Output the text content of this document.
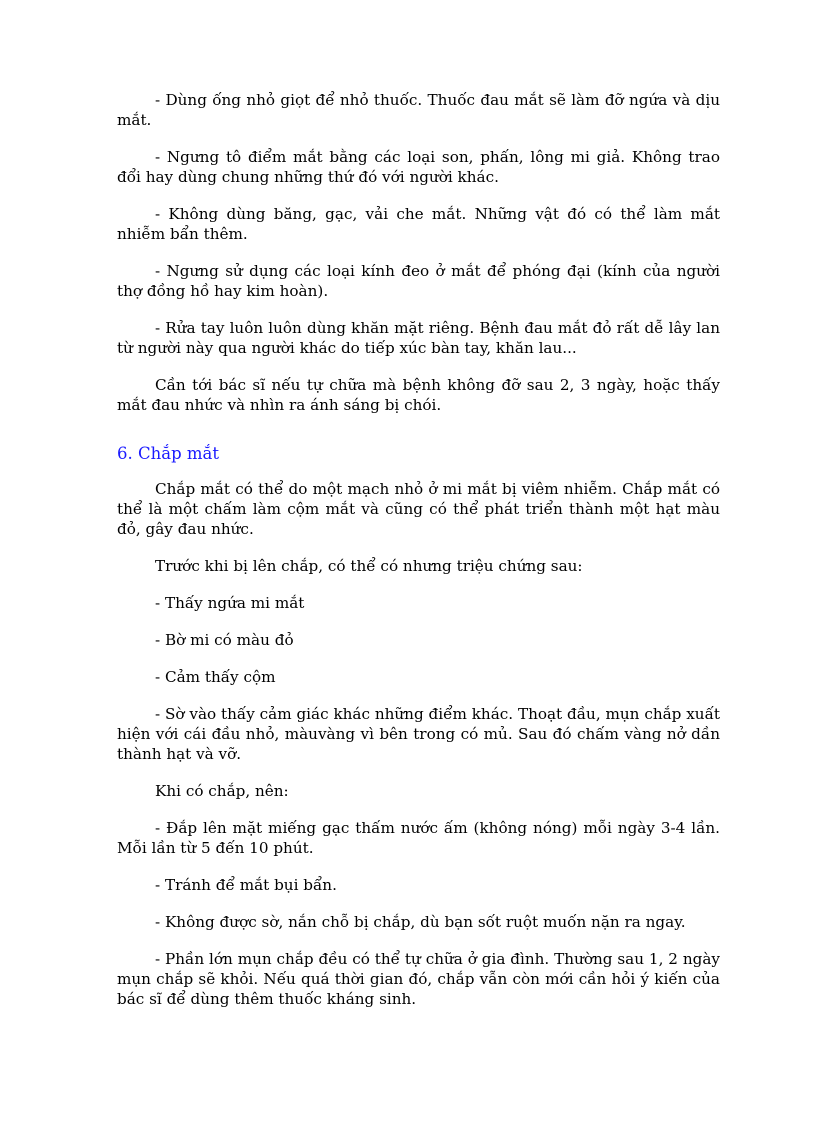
- Dùng ống nhỏ giọt để nhỏ thuốc. Thuốc đau mắt sẽ làm đỡ ngứa và dịu mắt.

- Ngưng tô điểm mắt bằng các loại son, phấn, lông mi giả. Không trao đổi hay dùng chung những thứ đó với người khác.

- Không dùng băng, gạc, vải che mắt. Những vật đó có thể làm mắt nhiễm bẩn thêm.

- Ngưng sử dụng các loại kính đeo ở mắt để phóng đại (kính của người thợ đồng hồ hay kim hoàn).

- Rửa tay luôn luôn dùng khăn mặt riêng. Bệnh đau mắt đỏ rất dễ lây lan từ người này qua người khác do tiếp xúc bàn tay, khăn lau...

Cần tới bác sĩ nếu tự chữa mà bệnh không đỡ sau 2, 3 ngày, hoặc thấy mắt đau nhức và nhìn ra ánh sáng bị chói.

6. Chắp mắt

Chắp mắt có thể do một mạch nhỏ ở mi mắt bị viêm nhiễm. Chắp mắt có thể là một chấm làm cộm mắt và cũng có thể phát triển thành một hạt màu đỏ, gây đau nhức.

Trước khi bị lên chắp, có thể có nhưng triệu chứng sau:

- Thấy ngứa mi mắt

- Bờ mi có màu đỏ

- Cảm thấy cộm

- Sờ vào thấy cảm giác khác những điểm khác. Thoạt đầu, mụn chắp xuất hiện với cái đầu nhỏ, màuvàng vì bên trong có mủ. Sau đó chấm vàng nở dần thành hạt và vỡ.

Khi có chắp, nên:

- Đắp lên mặt miếng gạc thấm nước ấm (không nóng) mỗi ngày 3-4 lần. Mỗi lần từ 5 đến 10 phút.

- Tránh để mắt bụi bẩn.

- Không được sờ, nắn chỗ bị chắp, dù bạn sốt ruột muốn nặn ra ngay.

- Phần lớn mụn chắp đều có thể tự chữa ở gia đình. Thường sau 1, 2 ngày mụn chắp sẽ khỏi. Nếu quá thời gian đó, chắp vẫn còn mới cần hỏi ý kiến của bác sĩ để dùng thêm thuốc kháng sinh.
